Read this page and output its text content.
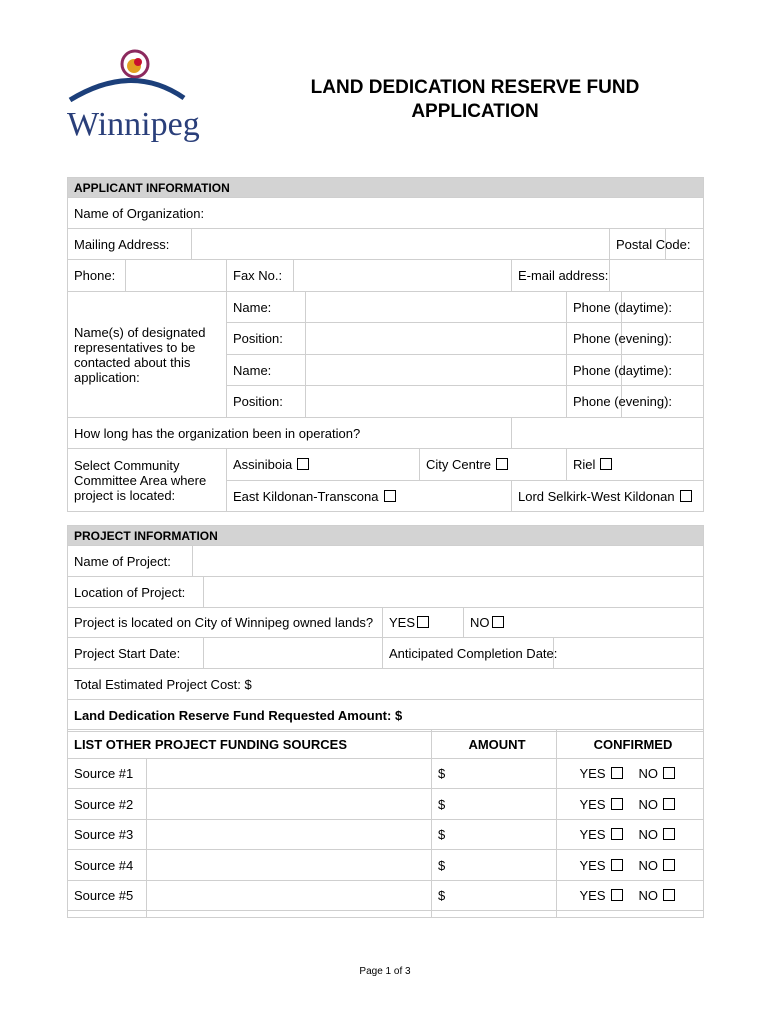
Winnipeg
LAND DEDICATION RESERVE FUND
APPLICATION
APPLICANT INFORMATION											
Name of Organization:											
Mailing Address:									Postal Code:		
Phone:			Fax No.:				E-mail address:				
Name(s) of designated representatives to be contacted about this application:			Name:					Phone (daytime):			
			Position:					Phone (evening):			
			Name:					Phone (daytime):			
			Position:					Phone (evening):			
How long has the organization been in operation?											
Select Community Committee Area where project is located:			Assiniboia			City Centre		Riel			
			East Kildonan-Transcona				Lord Selkirk-West Kildonan				
PROJECT INFORMATION					
Name of Project:					
Location of Project:					
Project is located on City of Winnipeg owned lands?			YES	NO	
Project Start Date:			Anticipated Completion Date:		
Total Estimated Project Cost: $					
Land Dedication Reserve Fund Requested Amount: $					
LIST OTHER PROJECT FUNDING SOURCES		AMOUNT	CONFIRMED	
Source #1		$	YES	NO
Source #2		$	YES	NO
Source #3		$	YES	NO
Source #4		$	YES	NO
Source #5		$	YES	NO

Page 1 of 3
